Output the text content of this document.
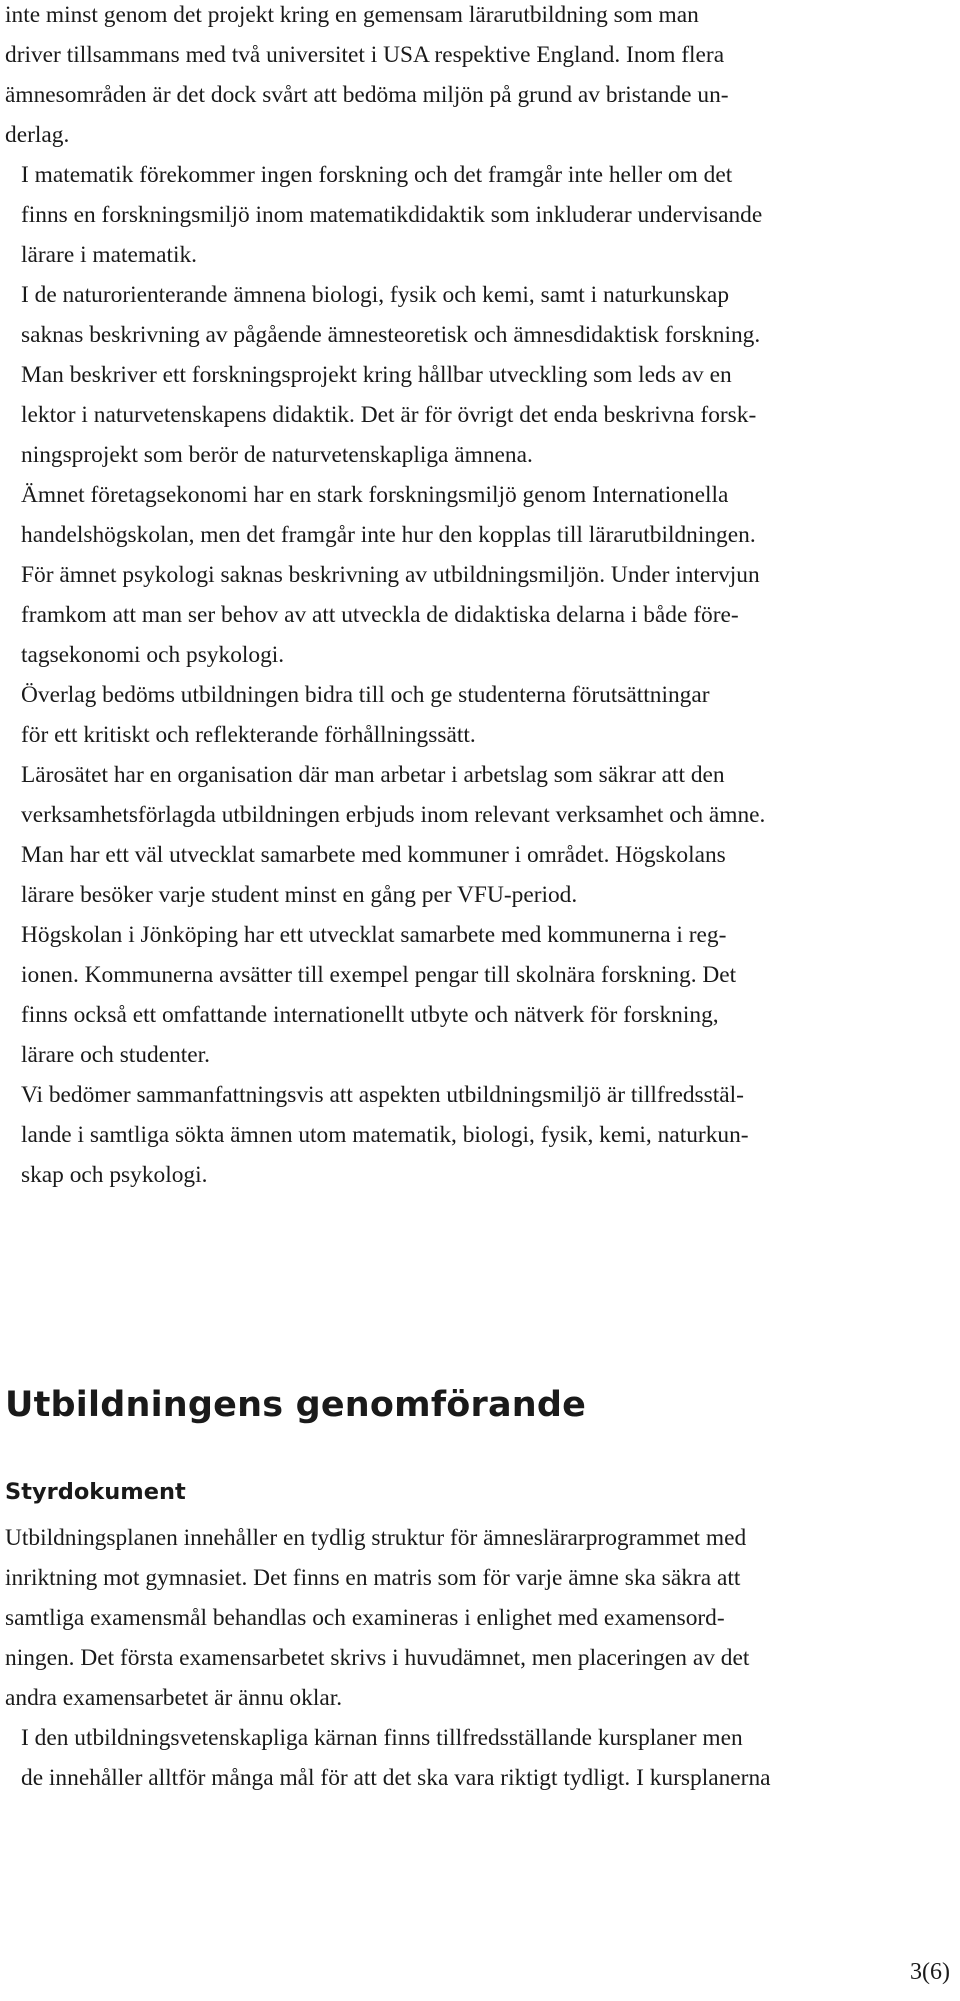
inte minst genom det projekt kring en gemensam lärarutbildning som man
driver tillsammans med två universitet i USA respektive England. Inom flera
ämnesområden är det dock svårt att bedöma miljön på grund av bristande un-
derlag.

I matematik förekommer ingen forskning och det framgår inte heller om det
finns en forskningsmiljö inom matematikdidaktik som inkluderar undervisande
lärare i matematik.

I de naturorienterande ämnena biologi, fysik och kemi, samt i naturkunskap
saknas beskrivning av pågående ämnesteoretisk och ämnesdidaktisk forskning.
Man beskriver ett forskningsprojekt kring hållbar utveckling som leds av en
lektor i naturvetenskapens didaktik. Det är för övrigt det enda beskrivna forsk-
ningsprojekt som berör de naturvetenskapliga ämnena.

Ämnet företagsekonomi har en stark forskningsmiljö genom Internationella
handelshögskolan, men det framgår inte hur den kopplas till lärarutbildningen.
För ämnet psykologi saknas beskrivning av utbildningsmiljön. Under intervjun
framkom att man ser behov av att utveckla de didaktiska delarna i både före-
tagsekonomi och psykologi.

Överlag bedöms utbildningen bidra till och ge studenterna förutsättningar
för ett kritiskt och reflekterande förhållningssätt.

Lärosätet har en organisation där man arbetar i arbetslag som säkrar att den
verksamhetsförlagda utbildningen erbjuds inom relevant verksamhet och ämne.
Man har ett väl utvecklat samarbete med kommuner i området. Högskolans
lärare besöker varje student minst en gång per VFU-period.

Högskolan i Jönköping har ett utvecklat samarbete med kommunerna i reg-
ionen. Kommunerna avsätter till exempel pengar till skolnära forskning. Det
finns också ett omfattande internationellt utbyte och nätverk för forskning,
lärare och studenter.

Vi bedömer sammanfattningsvis att aspekten utbildningsmiljö är tillfredsstäl-
lande i samtliga sökta ämnen utom matematik, biologi, fysik, kemi, naturkun-
skap och psykologi.

Utbildningens genomförande
Styrdokument

Utbildningsplanen innehåller en tydlig struktur för ämneslärarprogrammet med
inriktning mot gymnasiet. Det finns en matris som för varje ämne ska säkra att
samtliga examensmål behandlas och examineras i enlighet med examensord-
ningen. Det första examensarbetet skrivs i huvudämnet, men placeringen av det
andra examensarbetet är ännu oklar.

I den utbildningsvetenskapliga kärnan finns tillfredsställande kursplaner men
de innehåller alltför många mål för att det ska vara riktigt tydligt. I kursplanerna

3(6)
